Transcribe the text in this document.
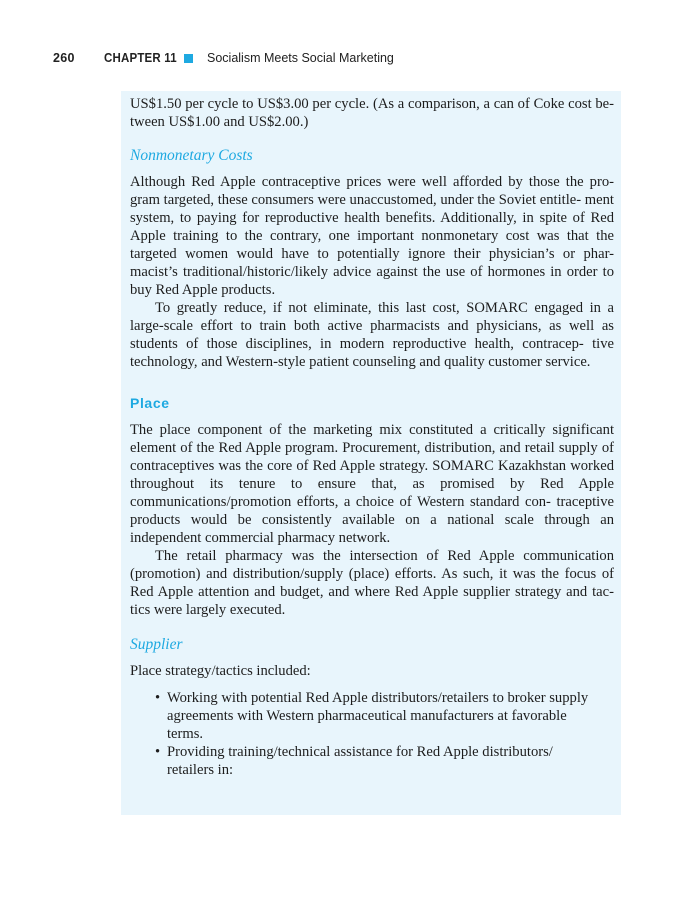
260 CHAPTER 11 Socialism Meets Social Marketing

US$1.50 per cycle to US$3.00 per cycle. (As a comparison, a can of Coke cost be- tween US$1.00 and US$2.00.)

Nonmonetary Costs

Although Red Apple contraceptive prices were well afforded by those the pro- gram targeted, these consumers were unaccustomed, under the Soviet entitle- ment system, to paying for reproductive health benefits. Additionally, in spite of Red Apple training to the contrary, one important nonmonetary cost was that the targeted women would have to potentially ignore their physician’s or phar- macist’s traditional/historic/likely advice against the use of hormones in order to buy Red Apple products.

To greatly reduce, if not eliminate, this last cost, SOMARC engaged in a large-scale effort to train both active pharmacists and physicians, as well as students of those disciplines, in modern reproductive health, contracep- tive technology, and Western-style patient counseling and quality customer service.

Place

The place component of the marketing mix constituted a critically significant element of the Red Apple program. Procurement, distribution, and retail supply of contraceptives was the core of Red Apple strategy. SOMARC Kazakhstan worked throughout its tenure to ensure that, as promised by Red Apple communications/promotion efforts, a choice of Western standard con- traceptive products would be consistently available on a national scale through an independent commercial pharmacy network.

The retail pharmacy was the intersection of Red Apple communication (promotion) and distribution/supply (place) efforts. As such, it was the focus of Red Apple attention and budget, and where Red Apple supplier strategy and tac- tics were largely executed.

Supplier

Place strategy/tactics included:

• Working with potential Red Apple distributors/retailers to broker supply
agreements with Western pharmaceutical manufacturers at favorable
terms.
• Providing training/technical assistance for Red Apple distributors/
retailers in:
